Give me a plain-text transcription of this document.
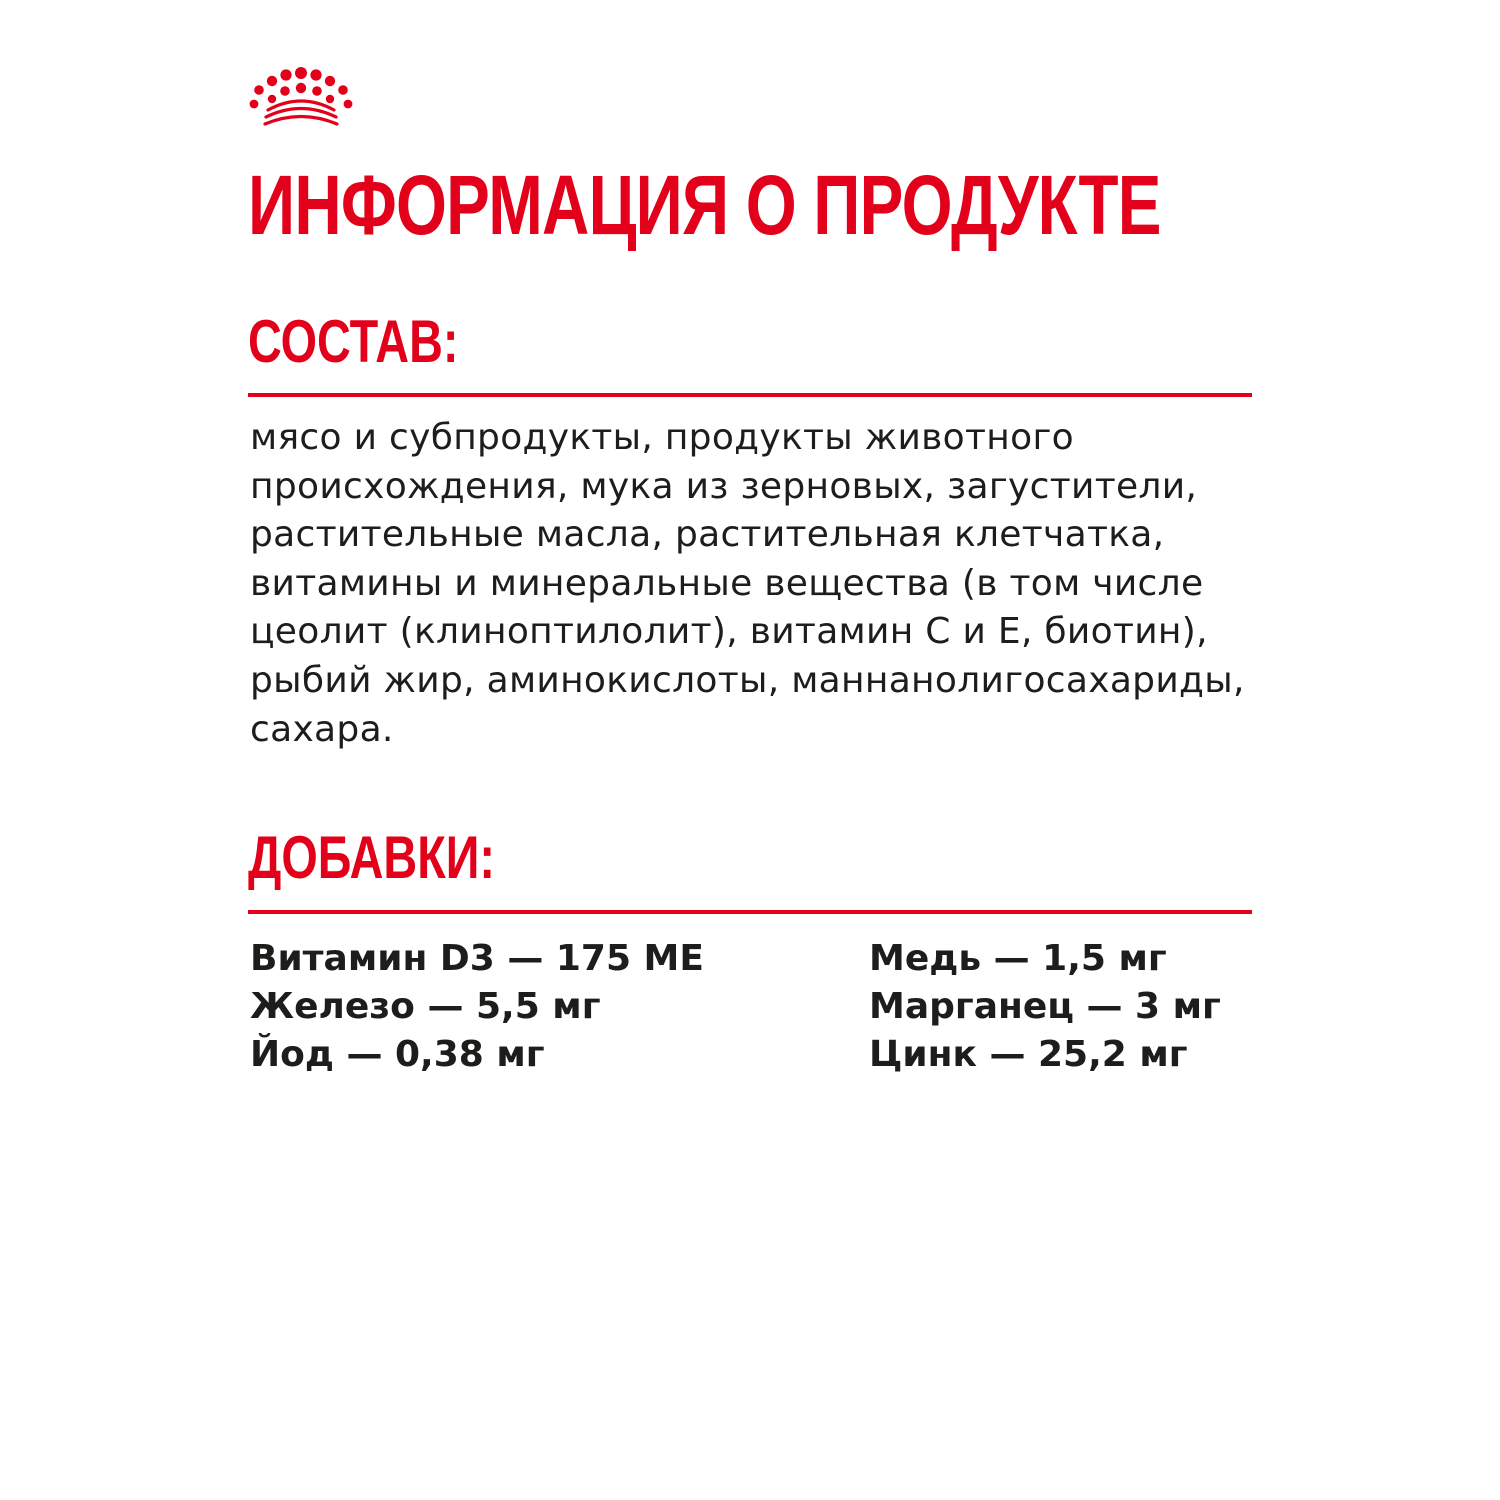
ИНФОРМАЦИЯ О ПРОДУКТЕ
СОСТАВ:

мясо и субпродукты, продукты животного происхождения, мука из зерновых, загустители, растительные масла, растительная клетчатка, витамины и минеральные вещества (в том числе цеолит (клиноптилолит), витамин С и Е, биотин), рыбий жир, аминокислоты, маннанолигосахариды, сахара.

ДОБАВКИ:

Витамин D3 — 175 МЕ

Железо — 5,5 мг

Йод — 0,38 мг

Медь — 1,5 мг

Марганец — 3 мг

Цинк — 25,2 мг
